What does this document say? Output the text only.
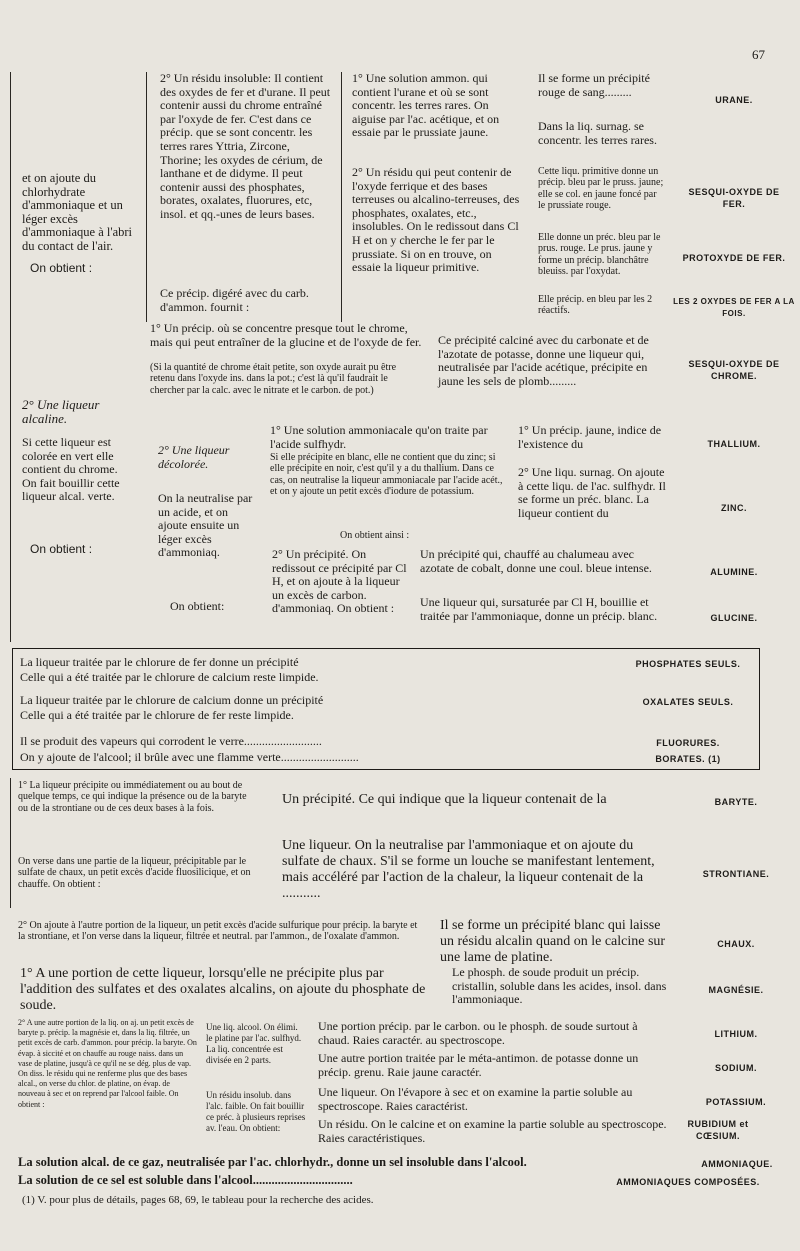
67
et on ajoute du chlorhydrate d'ammoniaque et un léger excès d'ammoniaque à l'abri du contact de l'air.
On obtient :
2° Une liqueur alcaline.
Si cette liqueur est colorée en vert elle contient du chrome. On fait bouillir cette liqueur alcal. verte.
On obtient :
2° Un résidu insoluble: Il contient des oxydes de fer et d'urane. Il peut contenir aussi du chrome entraîné par l'oxyde de fer. C'est dans ce précip. que se sont concentr. les terres rares Yttria, Zircone, Thorine; les oxydes de cérium, de lanthane et de didyme. Il peut contenir aussi des phosphates, borates, oxalates, fluorures, etc, insol. et qq.-unes de leurs bases.
Ce précip. digéré avec du carb. d'ammon. fournit :
1° Une solution ammon. qui contient l'urane et où se sont concentr. les terres rares. On aiguise par l'ac. acétique, et on essaie par le prussiate jaune.
2° Un résidu qui peut contenir de l'oxyde ferrique et des bases terreuses ou alcalino-terreuses, des phosphates, oxalates, etc., insolubles. On le redissout dans Cl H et on y cherche le fer par le prussiate. Si on en trouve, on essaie la liqueur primitive.
Il se forme un précipité rouge de sang.........
Dans la liq. surnag. se concentr. les terres rares.
Cette liqu. primitive donne un précip. bleu par le pruss. jaune; elle se col. en jaune foncé par le prussiate rouge.
Elle donne un préc. bleu par le prus. rouge. Le prus. jaune y forme un précip. blanchâtre bleuiss. par l'oxydat.
Elle précip. en bleu par les 2 réactifs.
URANE.
SESQUI-OXYDE DE FER.
PROTOXYDE DE FER.
LES 2 OXYDES DE FER A LA FOIS.
SESQUI-OXYDE DE CHROME.
THALLIUM.
ZINC.
ALUMINE.
GLUCINE.
1° Un précip. où se concentre presque tout le chrome, mais qui peut entraîner de la glucine et de l'oxyde de fer.
(Si la quantité de chrome était petite, son oxyde aurait pu être retenu dans l'oxyde ins. dans la pot.; c'est là qu'il faudrait le chercher par la calc. avec le nitrate et le carbon. de pot.)
Ce précipité calciné avec du carbonate et de l'azotate de potasse, donne une liqueur qui, neutralisée par l'acide acétique, précipite en jaune les sels de plomb.........
2° Une liqueur décolorée.
On la neutralise par un acide, et on ajoute ensuite un léger excès d'ammoniaq.
On obtient:
1° Une solution ammoniacale qu'on traite par l'acide sulfhydr.
Si elle précipite en blanc, elle ne contient que du zinc; si elle précipite en noir, c'est qu'il y a du thallium. Dans ce cas, on neutralise la liqueur ammoniacale par l'acide acét., et on y ajoute un petit excès d'iodure de potassium.
On obtient ainsi :
1° Un précip. jaune, indice de l'existence du
2° Une liqu. surnag. On ajoute à cette liqu. de l'ac. sulfhydr. Il se forme un préc. blanc. La liqueur contient du
2° Un précipité. On redissout ce précipité par Cl H, et on ajoute à la liqueur un excès de carbon. d'ammoniaq. On obtient :
Un précipité qui, chauffé au chalumeau avec azotate de cobalt, donne une coul. bleue intense.
Une liqueur qui, sursaturée par Cl H, bouillie et traitée par l'ammoniaque, donne un précip. blanc.
La liqueur traitée par le chlorure de fer donne un précipité
Celle qui a été traitée par le chlorure de calcium reste limpide.
PHOSPHATES SEULS.
La liqueur traitée par le chlorure de calcium donne un précipité
Celle qui a été traitée par le chlorure de fer reste limpide.
OXALATES SEULS.
Il se produit des vapeurs qui corrodent le verre..........................	FLUORURES.
On y ajoute de l'alcool; il brûle avec une flamme verte..........................	BORATES. (1)
1° La liqueur précipite ou immédiatement ou au bout de quelque temps, ce qui indique la présence ou de la baryte ou de la strontiane ou de ces deux bases à la fois.
Un précipité. Ce qui indique que la liqueur contenait de la
On verse dans une partie de la liqueur, précipitable par le sulfate de chaux, un petit excès d'acide fluosilicique, et on chauffe. On obtient :
Une liqueur. On la neutralise par l'ammoniaque et on ajoute du sulfate de chaux. S'il se forme un louche se manifestant lentement, mais accéléré par l'action de la chaleur, la liqueur contenait de la ...........
2° On ajoute à l'autre portion de la liqueur, un petit excès d'acide sulfurique pour précip. la baryte et la strontiane, et l'on verse dans la liqueur, filtrée et neutral. par l'ammon., de l'oxalate d'ammon.
Il se forme un précipité blanc qui laisse un résidu alcalin quand on le calcine sur une lame de platine.
1° A une portion de cette liqueur, lorsqu'elle ne précipite plus par l'addition des sulfates et des oxalates alcalins, on ajoute du phosphate de soude.
Le phosph. de soude produit un précip. cristallin, soluble dans les acides, insol. dans l'ammoniaque.
2° A une autre portion de la liq. on aj. un petit excès de baryte p. précip. la magnésie et, dans la liq. filtrée, un petit excès de carb. d'ammon. pour précip. la baryte. On évap. à siccité et on chauffe au rouge naiss. dans un vase de platine, jusqu'à ce qu'il ne se dég. plus de vap. On diss. le résidu qui ne renferme plus que des bases alcal., on verse du chlor. de platine, on évap. de nouveau à sec et on reprend par l'alcool faible. On obtient :
Une liq. alcool. On élimi. le platine par l'ac. sulfhyd. La liq. concentrée est divisée en 2 parts.
Un résidu insolub. dans l'alc. faible. On fait bouillir ce préc. à plusieurs reprises av. l'eau. On obtient:
Une portion précip. par le carbon. ou le phosph. de soude surtout à chaud. Raies caractér. au spectroscope.
Une autre portion traitée par le méta-antimon. de potasse donne un précip. grenu. Raie jaune caractér.
Une liqueur. On l'évapore à sec et on examine la partie soluble au spectroscope. Raies caractérist.
Un résidu. On le calcine et on examine la partie soluble au spectroscope. Raies caractéristiques.
La solution alcal. de ce gaz, neutralisée par l'ac. chlorhydr., donne un sel insoluble dans l'alcool.
La solution de ce sel est soluble dans l'alcool................................
(1) V. pour plus de détails, pages 68, 69, le tableau pour la recherche des acides.
BARYTE.
STRONTIANE.
CHAUX.
MAGNÉSIE.
LITHIUM.
SODIUM.
POTASSIUM.
RUBIDIUM et CŒSIUM.
AMMONIAQUE.
AMMONIAQUES COMPOSÉES.
